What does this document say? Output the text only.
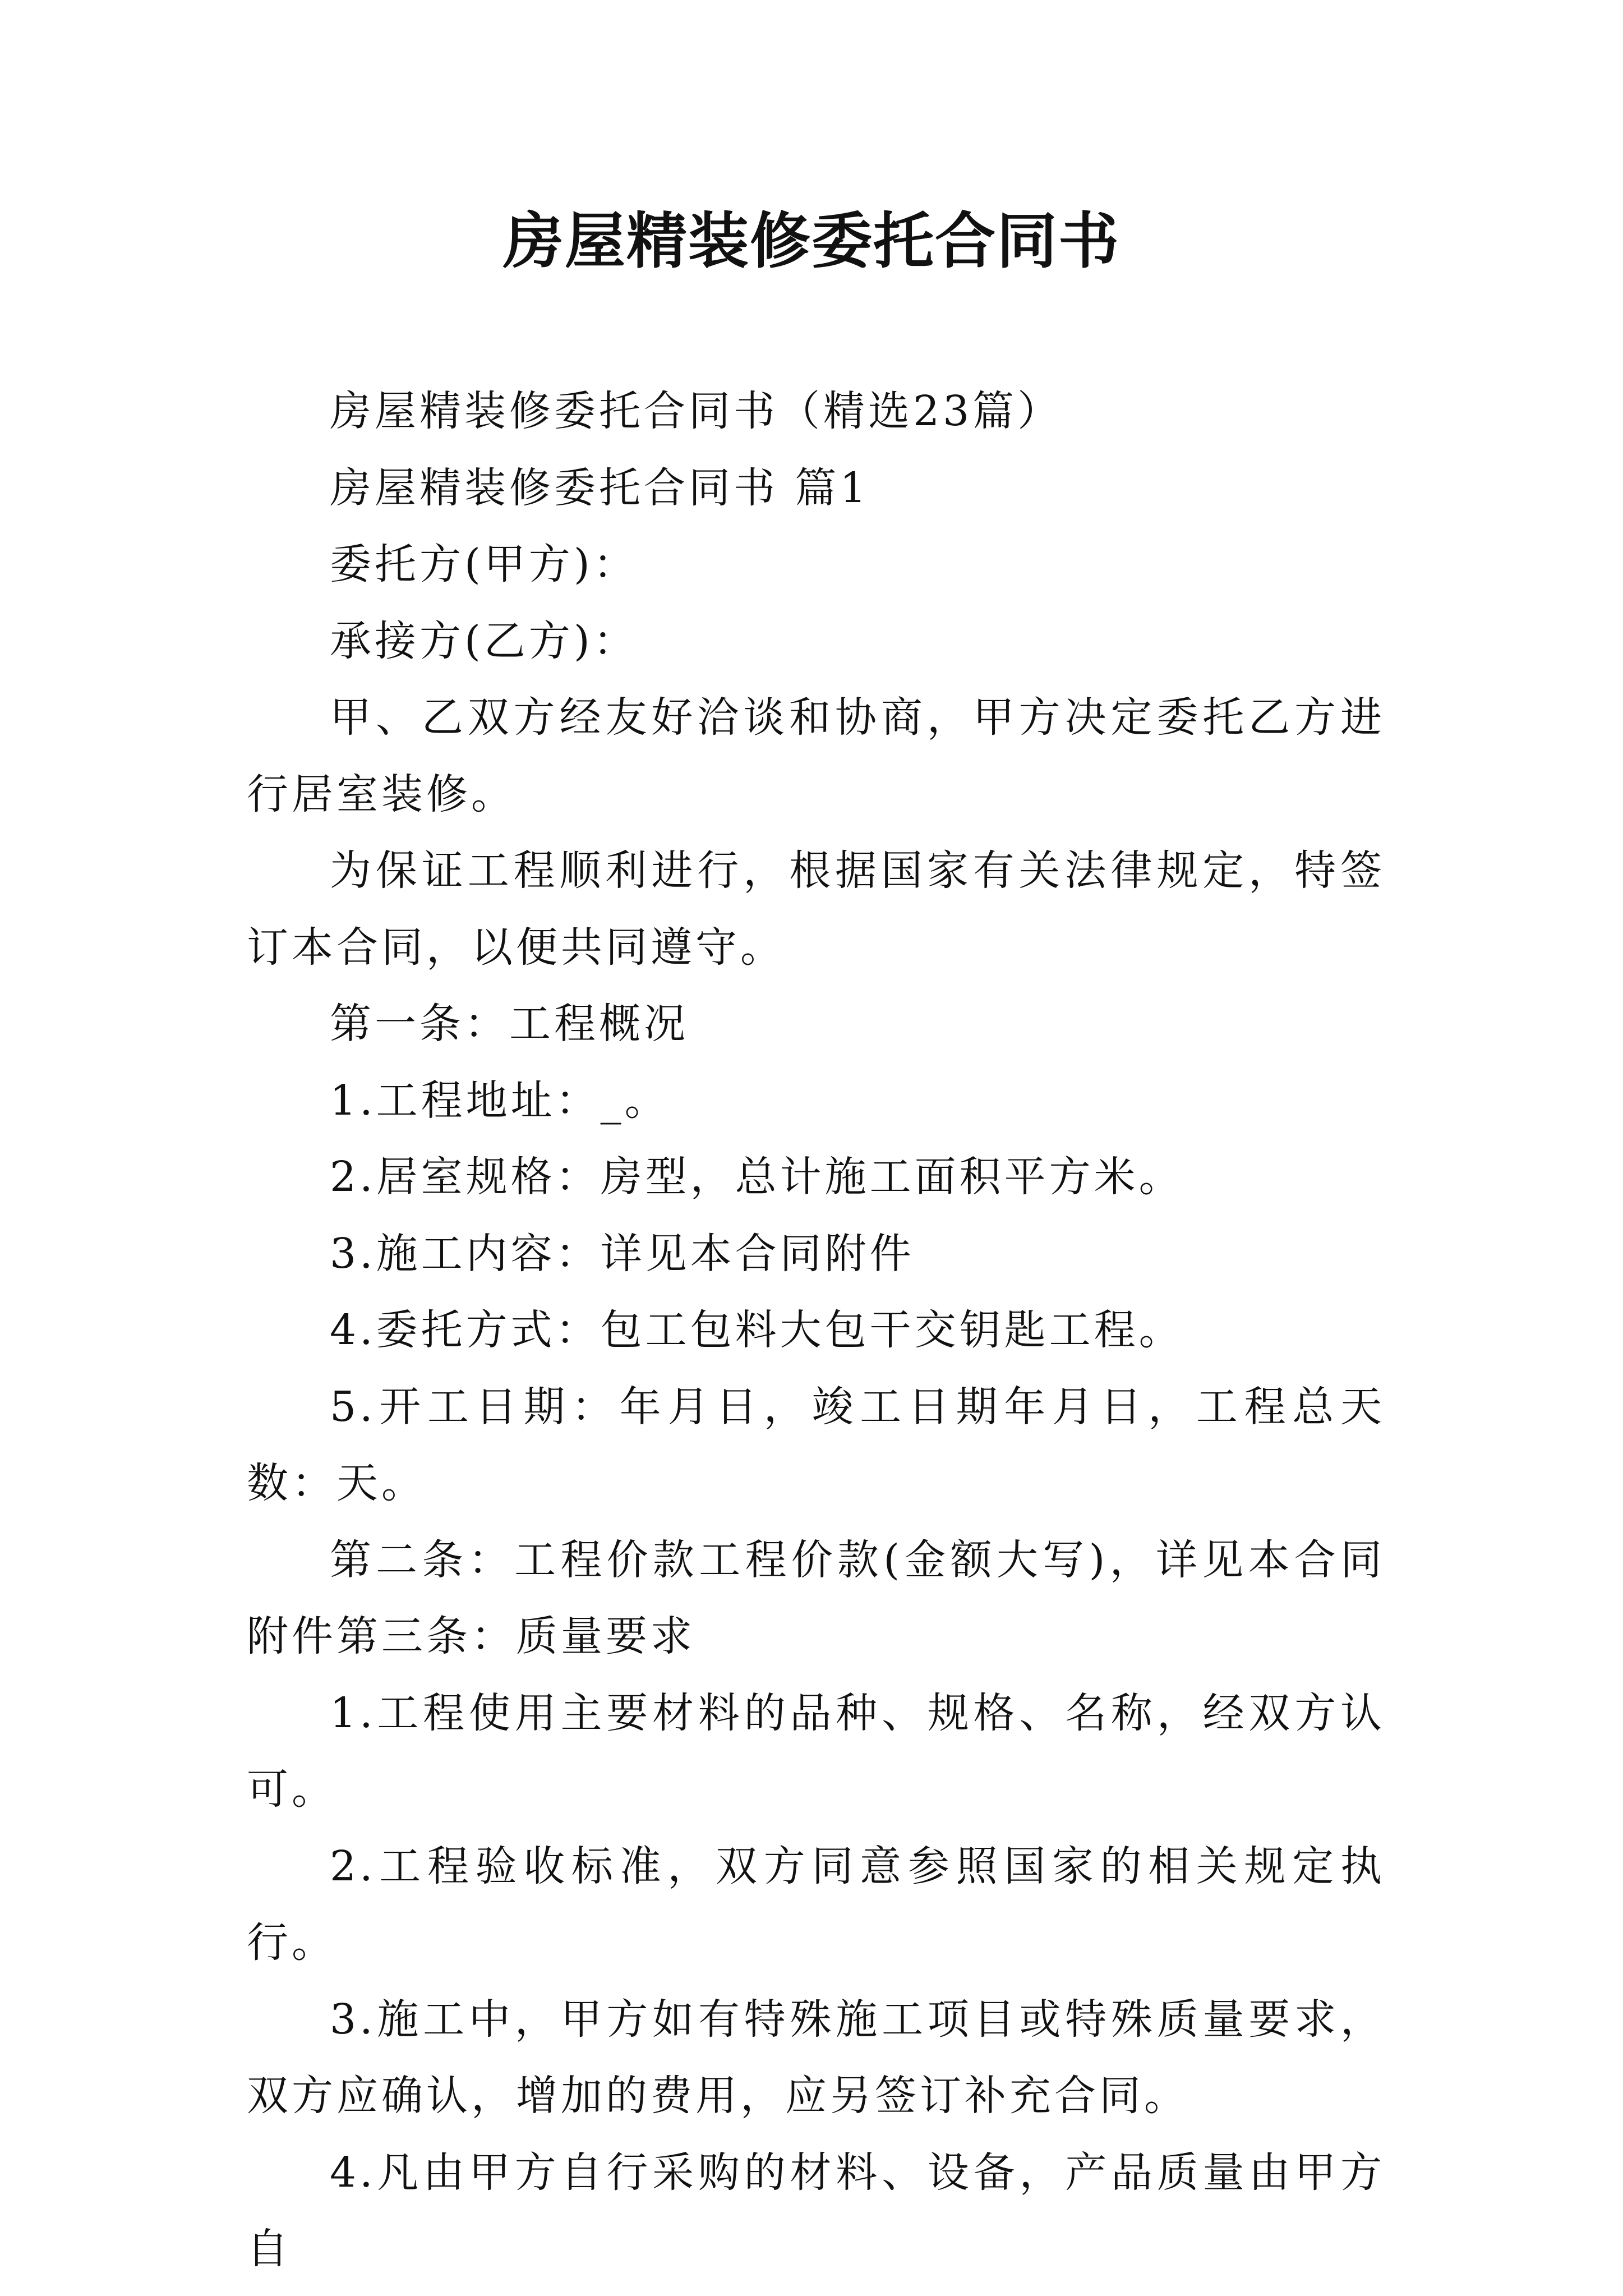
房屋精装修委托合同书

房屋精装修委托合同书（精选23篇）

房屋精装修委托合同书 篇1

委托方(甲方)：

承接方(乙方)：

甲、乙双方经友好洽谈和协商，甲方决定委托乙方进行居室装修。

为保证工程顺利进行，根据国家有关法律规定，特签订本合同，以便共同遵守。

第一条：工程概况

1.工程地址：_。

2.居室规格：房型，总计施工面积平方米。

3.施工内容：详见本合同附件

4.委托方式：包工包料大包干交钥匙工程。

5.开工日期：年月日，竣工日期年月日，工程总天数：天。

第二条：工程价款工程价款(金额大写)，详见本合同附件第三条：质量要求

1.工程使用主要材料的品种、规格、名称，经双方认可。

2.工程验收标准，双方同意参照国家的相关规定执行。

3.施工中，甲方如有特殊施工项目或特殊质量要求，双方应确认，增加的费用，应另签订补充合同。

4.凡由甲方自行采购的材料、设备，产品质量由甲方自
